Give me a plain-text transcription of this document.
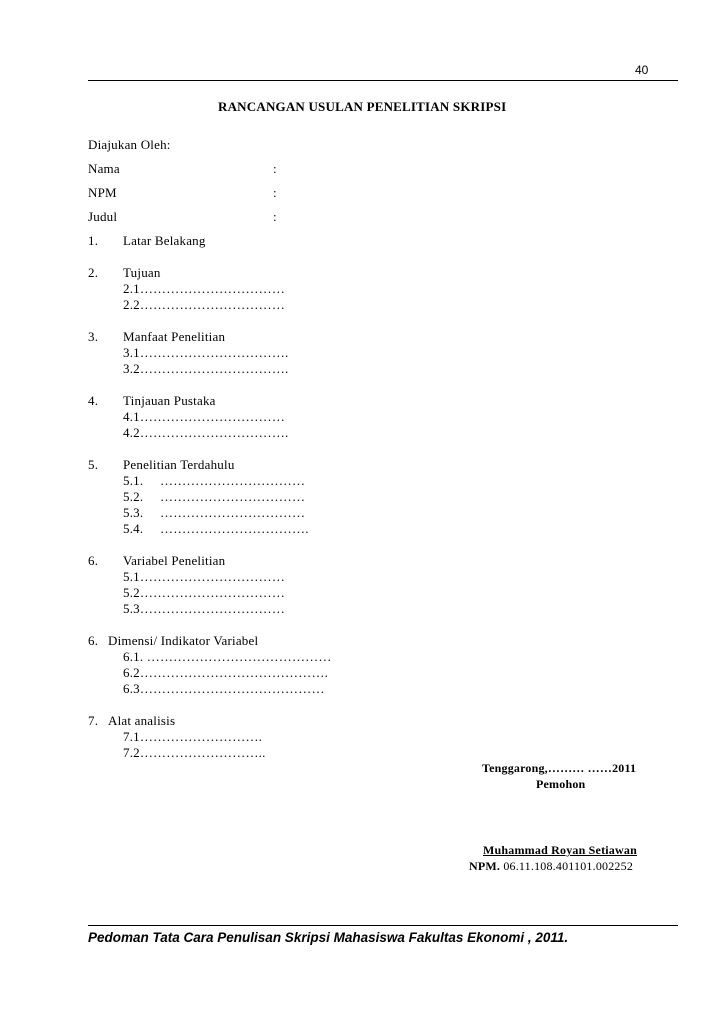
40
RANCANGAN USULAN PENELITIAN SKRIPSI
Diajukan Oleh:
Nama	:
NPM	:
Judul	:
1. Latar Belakang
2. Tujuan
2.1……………………………
2.2……………………………
3. Manfaat Penelitian
3.1…………………………….
3.2…………………………….
4. Tinjauan Pustaka
4.1……………………………
4.2…………………………….
5. Penelitian Terdahulu
5.1. ……………………………
5.2. ……………………………
5.3. ……………………………
5.4. …………………………….
6. Variabel Penelitian
5.1……………………………
5.2……………………………
5.3……………………………
6. Dimensi/ Indikator Variabel
6.1. ……………………………………
6.2…………………………………….
6.3……………………………………
7. Alat analisis
7.1……………………….
7.2………………………..
Tenggarong,……… ……2011
Pemohon
Muhammad Royan Setiawan
NPM. 06.11.108.401101.002252
Pedoman Tata Cara Penulisan Skripsi Mahasiswa Fakultas Ekonomi , 2011.
